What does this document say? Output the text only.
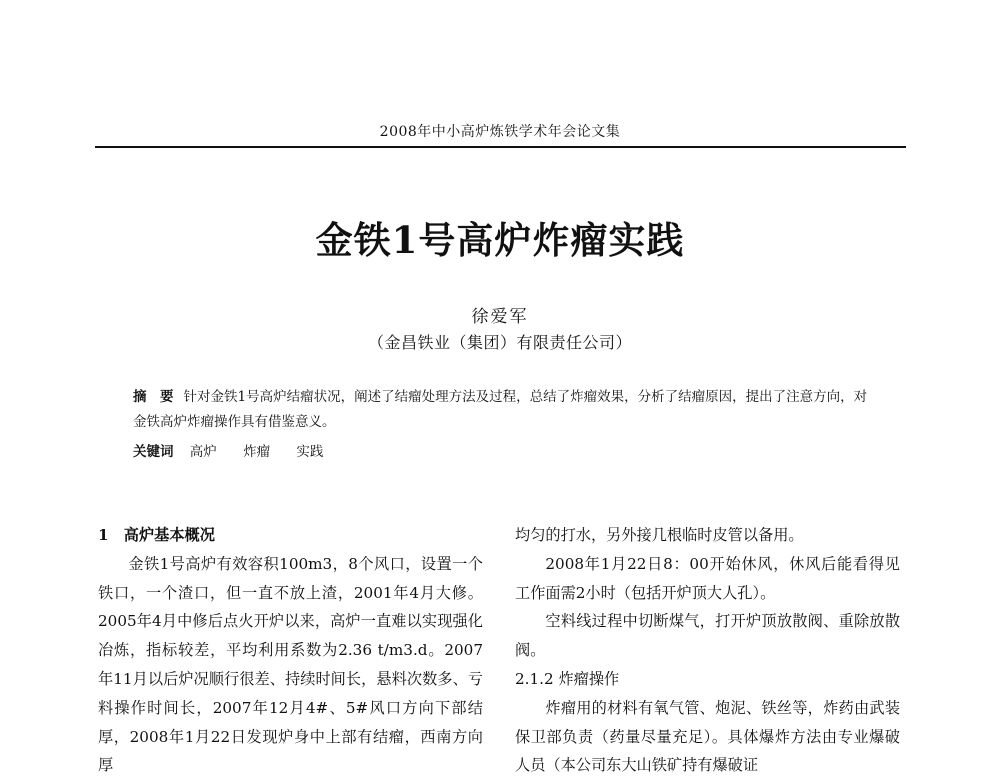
2008年中小高炉炼铁学术年会论文集
金铁1号高炉炸瘤实践
徐爱军
（金昌铁业（集团）有限责任公司）
摘　要 针对金铁1号高炉结瘤状况，阐述了结瘤处理方法及过程，总结了炸瘤效果，分析了结瘤原因，提出了注意方向，对金铁高炉炸瘤操作具有借鉴意义。
关键词 高炉 炸瘤 实践

1　高炉基本概况

金铁1号高炉有效容积100m3，8个风口，设置一个铁口，一个渣口，但一直不放上渣，2001年4月大修。2005年4月中修后点火开炉以来，高炉一直难以实现强化冶炼，指标较差，平均利用系数为2.36 t/m3.d。2007年11月以后炉况顺行很差、持续时间长，悬料次数多、亏料操作时间长，2007年12月4#、5#风口方向下部结厚，2008年1月22日发现炉身中上部有结瘤，西南方向厚

均匀的打水，另外接几根临时皮管以备用。

2008年1月22日8：00开始休风，休风后能看得见工作面需2小时（包括开炉顶大人孔）。

空料线过程中切断煤气，打开炉顶放散阀、重除放散阀。

2.1.2 炸瘤操作

炸瘤用的材料有氧气管、炮泥、铁丝等，炸药由武装保卫部负责（药量尽量充足）。具体爆炸方法由专业爆破人员（本公司东大山铁矿持有爆破证
